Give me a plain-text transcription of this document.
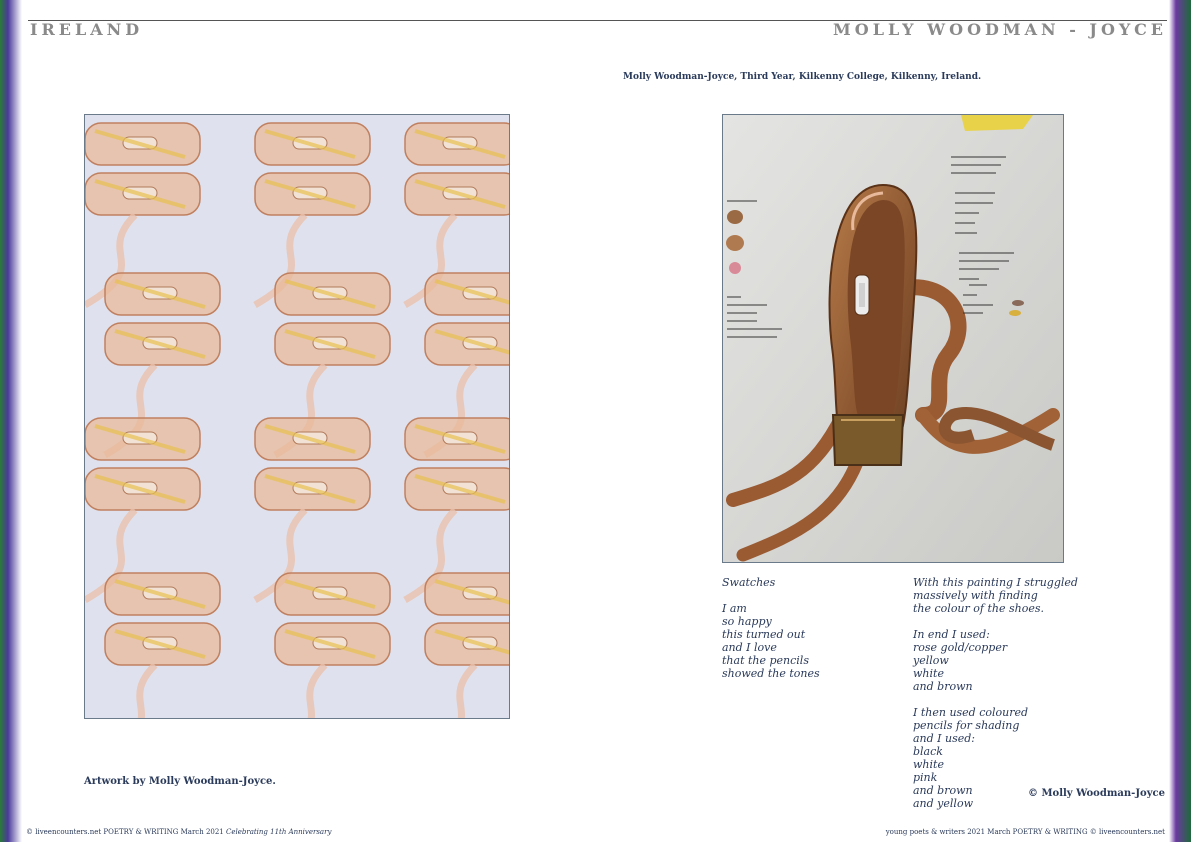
IRELAND	MOLLY WOODMAN - JOYCE
Molly Woodman-Joyce, Third Year, Kilkenny College, Kilkenny, Ireland.
Artwork by Molly Woodman-Joyce.
Swatches

I am
so happy
this turned out
and I love
that the pencils
showed the tones
With this painting I struggled
massively with finding
the colour of the shoes.

In end I used:
rose gold/copper
yellow
white
and brown

I then used coloured
pencils for shading
and I used:
black
white
pink
and brown
and yellow
© Molly Woodman-Joyce
© liveencounters.net POETRY & WRITING March 2021 Celebrating 11th Anniversary	young poets & writers 2021 March POETRY & WRITING © liveencounters.net
